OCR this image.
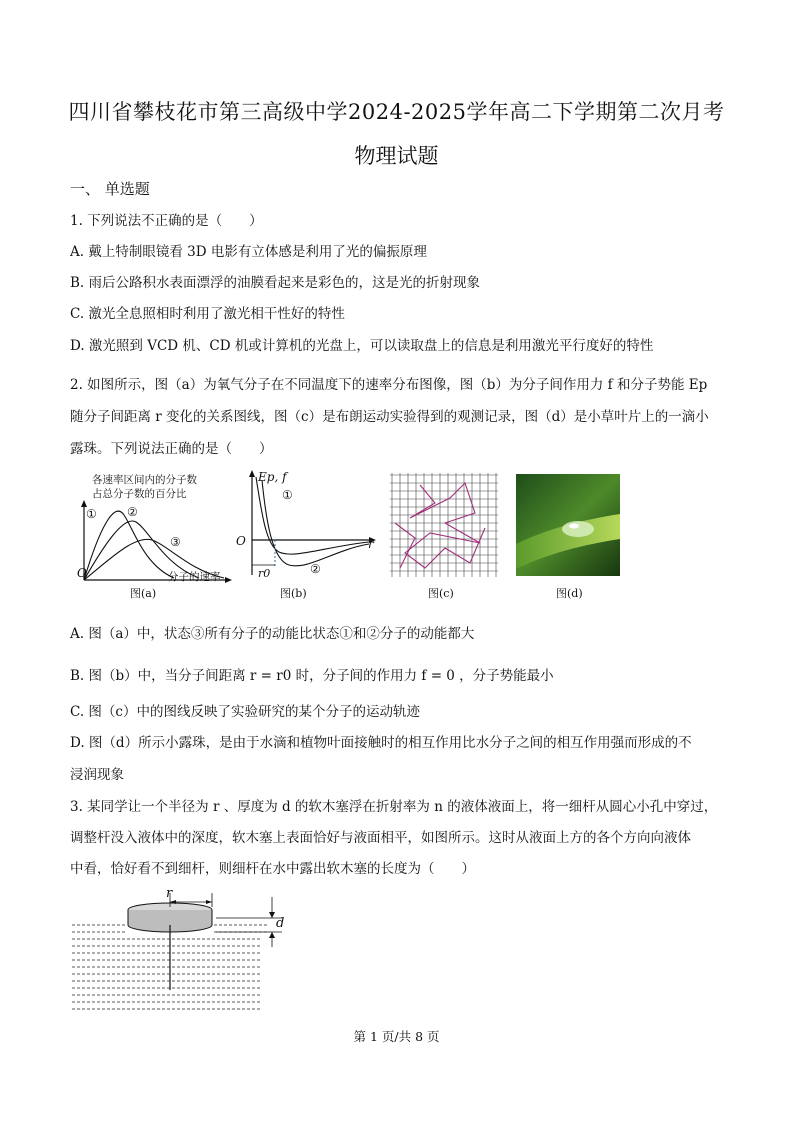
四川省攀枝花市第三高级中学2024-2025学年高二下学期第二次月考
物理试题
一、 单选题
1. 下列说法不正确的是（　　）
A. 戴上特制眼镜看 3D 电影有立体感是利用了光的偏振原理
B. 雨后公路积水表面漂浮的油膜看起来是彩色的，这是光的折射现象
C. 激光全息照相时利用了激光相干性好的特性
D. 激光照到 VCD 机、CD 机或计算机的光盘上，可以读取盘上的信息是利用激光平行度好的特性
2. 如图所示，图（a）为氧气分子在不同温度下的速率分布图像，图（b）为分子间作用力 f 和分子势能 Ep
随分子间距离 r 变化的关系图线，图（c）是布朗运动实验得到的观测记录，图（d）是小草叶片上的一滴小
露珠。下列说法正确的是（　　）
各速率区间内的分子数
占总分子数的百分比
①	②
③
O	分子的速率
图(a)
Ep, f
①
O	r
②
r0
图(b)	图(c)	图(d)
A. 图（a）中，状态③所有分子的动能比状态①和②分子的动能都大
B. 图（b）中，当分子间距离 r = r0 时，分子间的作用力 f = 0 ，分子势能最小
C. 图（c）中的图线反映了实验研究的某个分子的运动轨迹
D. 图（d）所示小露珠，是由于水滴和植物叶面接触时的相互作用比水分子之间的相互作用强而形成的不
浸润现象
3. 某同学让一个半径为 r 、厚度为 d 的软木塞浮在折射率为 n 的液体液面上，将一细杆从圆心小孔中穿过，
调整杆没入液体中的深度，软木塞上表面恰好与液面相平，如图所示。这时从液面上方的各个方向向液体
中看，恰好看不到细杆，则细杆在水中露出软木塞的长度为（　　）
r
d
第 1 页/共 8 页
